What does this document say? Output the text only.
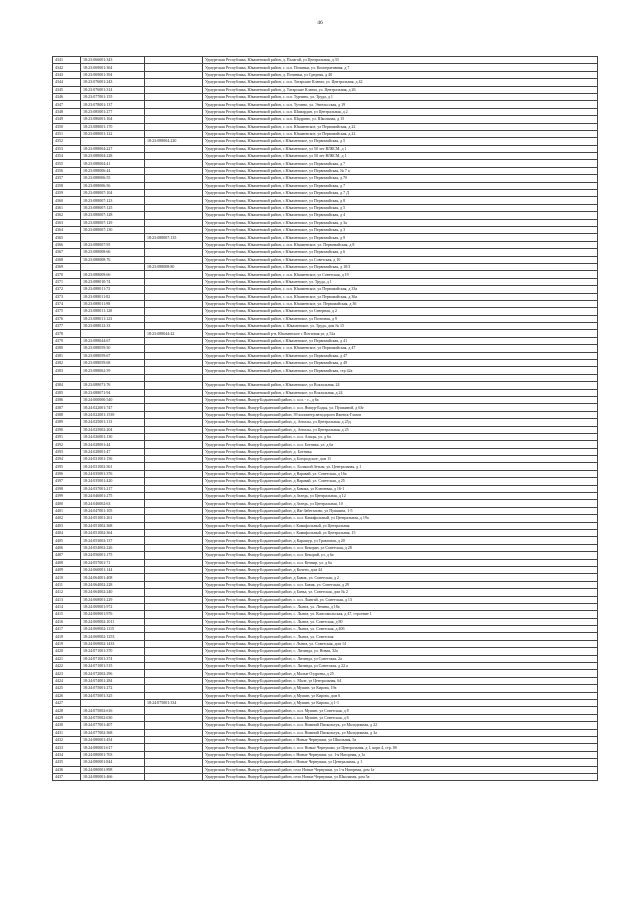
46
4341	18:23:066001:343		Удмуртская Республика, Юкаменский район, д. Палагай, ул Центральная, д 33
4342	18:23:069001:364		Удмуртская Республика, Юкаменский район, с. и.п. Починки, ул. Кооперативная, д 7
4343	18:23:069001:394		Удмуртская Республика, Юкаменский район, д. Починки, ул Средняя, д 40
4344	18:23:076001:243		Удмуртская Республика, Юкаменский район, с. и.п. Татарские Ключи, ул. Центральная, д 42
4345	18:23:076001:314		Удмуртская Республика, Юкаменский район, д. Татарские Ключи, ул. Центральная, д 26
4346	18:23:077001:155		Удмуртская Республика, Юкаменский район, с. и.п. Турчино, ул. Труда, д 1
4347	18:23:078001:137		Удмуртская Республика, Юкаменский район, с. и.п. Тутаево, ул. Энгельсская, д 19
4348	18:23:085001:277		Удмуртская Республика, Юкаменский район, с. и.п. Шамардан, ул Центральная, д 2
4349	18:23:086001:164		Удмуртская Республика, Юкаменский район, с. и.п. Шадрино, ул. Школьная, д 15
4350	18:23:088001:170		Удмуртская Республика, Юкаменский район, с. и.п. Юкаменское, ул Первомайская, д 22
4351	18:23:088001:122		Удмуртская Республика, Юкаменский район, с. и.п. Юкаменское, ул Первомайская, д 22
4352		18:23:088004:220	Удмуртская Республика, Юкаменский район, с Юкаменское, ул Первомайская, д 5
4353	18:23:088004:227		Удмуртская Республика, Юкаменский район, с Юкаменское, ул 50 лет ВЛКСМ, д 1
4354	18:23:088004:228		Удмуртская Республика, Юкаменский район, с Юкаменское, ул 50 лет ВЛКСМ, д 1
4355	18:23:088004:41		Удмуртская Республика, Юкаменский район, с Юкаменское, ул Первомайская, д 7
4356	18:23:088006:44		Удмуртская Республика, Юкаменский район, с Юкаменское, ул Первомайская, № 7 а
4357	18:23:088006:55		Удмуртская Республика, Юкаменский район, с Юкаменское, ул Первомайская, д 7б
4358	18:23:088006:56		Удмуртская Республика, Юкаменский район, с Юкаменское, ул Первомайская, д 7
4359	18:23:088007:104		Удмуртская Республика, Юкаменский район, с Юкаменское, ул Первомайская, д 7 Д
4360	18:23:088007:123		Удмуртская Республика, Юкаменский район, с Юкаменское, ул Первомайская, д 8
4361	18:23:088007:125		Удмуртская Республика, Юкаменский район, с Юкаменское, ул Первомайская, д 5
4362	18:23:088007:128		Удмуртская Республика, Юкаменский район, с Юкаменское, ул Первомайская, д 4
4363	18:23:088007:129		Удмуртская Республика, Юкаменский район, с Юкаменское, ул Первомайская, д 3а
4364	18:23:088007:130		Удмуртская Республика, Юкаменский район, с Юкаменское, ул Первомайская, д 3
4365		18:23:088007:135	Удмуртская Республика, Юкаменский район, с Юкаменское, ул Первомайская, д 8
4366	18:23:088007:95		Удмуртская Республика, Юкаменский район, с. и.п. Юкаменское, ул. Первомайская, д 8
4367	18:23:088008:66		Удмуртская Республика, Юкаменский район, с Юкаменское, ул Первомайская, д 6
4368	18:23:088008:76		Удмуртская Республика, Юкаменский район, с Юкаменское, ул Советская, д 10
4369		18:23:088008:80	Удмуртская Республика, Юкаменский район, с Юкаменское, ул Первомайская, д 10/3
4370	18:23:088009:66		Удмуртская Республика, Юкаменский район, с. и.п. Юкаменское, ул Советская, д 19
4371	18:23:088010:74		Удмуртская Республика, Юкаменский район, с Юкаменское, ул. Труда, д 1
4372	18:23:088011:73		Удмуртская Республика, Юкаменский район, с. и.п. Юкаменское, ул Первомайская, д 33а
4373	18:23:088011:82		Удмуртская Республика, Юкаменский район, с. и.п. Юкаменское, ул Первомайская, д 36а
4374	18:23:088011:98		Удмуртская Республика, Юкаменский район, с. и.п. Юкаменское, ул. Первомайская, д 36
4375	18:23:088011:120		Удмуртская Республика, Юкаменский район, с Юкаменское, ул Северная, д 2
4376	18:23:088011:123		Удмуртская Республика, Юкаменский район, с Юкаменское, ул Почтовая, д 9
4377	18:23:088012:33		Удмуртская Республика, Юкаменский район, с. Юкаменское, ул. Труда, дом № 15
4378		18:23:088044:42	Удмуртская Республика, Юкаменский р-н, Юкаменское с Почтовая ул, д 52а
4379	18:23:088044:67		Удмуртская Республика, Юкаменский район, с Юкаменское, ул Первомайская, д 41
4380	18:23:088059:50		Удмуртская Республика, Юкаменский район, с. и.п. Юкаменское, ул Первомайская, д 47
4381	18:23:088059:67		Удмуртская Республика, Юкаменский район, с Юкаменское, ул Первомайская, д 47
4382	18:23:088059:68		Удмуртская Республика, Юкаменский район, с Юкаменское, ул Первомайская, д 49
4383	18:23:088062:59		Удмуртская Республика, Юкаменский район, с Юкаменское, ул Первомайская, стр 42а

4384	18:23:088071:76		Удмуртская Республика, Юкаменский район, с Юкаменское, ул Вокзальная, 24
4385	18:23:088071:94		Удмуртская Республика, Юкаменский район, с Юкаменское, ул Вокзальная, д 24
4386	18:24:000000:540		Удмуртская Республика, Ямпур-Бодьинский район, с. и.п. - с., д 6а
4387	18:24:022001:747		Удмуртская Республика, Ямпур-Бодьинский район, с. и.п. Ямпур-Бодья, ул. Пушкиной, д 63г
4388	18:24:022001:1539		Удмуртская Республика, Ямпур-Бодьинский район, 39 километр автодороги Ижевск-Глазов
4389	18:24:025001:113		Удмуртская Республика, Ямпур-Бодьинский район, д. Ангалы, ул Центральная, д 25д
4390	18:24:025002:204		Удмуртская Республика, Ямпур-Бодьинский район, д. Ангалы, ул Центральная, д 25
4391	18:24:026001:130		Удмуртская Республика, Ямпур-Бодьинский район, с. и.п. Альцы, ул. д 6а
4392	18:24:028001:44		Удмуртская Республика, Ямпур-Бодьинский район, с. и.п. Ботника, ул. д 6а
4393	18:24:028001:47		Удмуртская Республика, Ямпур-Бодьинский район, д. Ботника
4394	18:24:031001:156		Удмуртская Республика, Ямпур-Бодьинский район, д Богородское, дом 11
4395	18:24:031002:561		Удмуртская Республика, Ямпур-Бодьинский район, с. Большой Зетым, ул. Центральная, д 1
4396	18:24:035001:376		Удмуртская Республика, Ямпур-Бодьинский район, д Варавай, ул. Советская, д 16а
4397	18:24:035001:420		Удмуртская Республика, Ямпур-Бодьинский район, д Варавай, ул. Советская, д 25
4398	18:24:037001:217		Удмуртская Республика, Ямпур-Бодьинский район, д Бавика, ул Ключевая, д 16-1
4399	18:24:046001:275		Удмуртская Республика, Ямпур-Бодьинский район, д Зеледь, ул Центральная, д 12
4400	18:24:046002:63		Удмуртская Республика, Ямпур-Бодьинский район, д Зеледь, ул Центральная, 10
4401	18:24:047001:105		Удмуртская Республика, Ямпур-Бодьинский район, д Иж-Забегалово, ул Пушкина, 1-5
4402	18:24:051001:261		Удмуртская Республика, Ямпур-Бодьинский район, с. и.п. Камифольный, ул Центральная, д 19а
4403	18:24:051002:368		Удмуртская Республика, Ямпур-Бодьинский район, с Камифольный, ул Центральная
4404	18:24:051002:364		Удмуртская Республика, Ямпур-Бодьинский район, с Камифольный, ул Центральная, 15
4405	18:24:053002:137		Удмуртская Республика, Ямпур-Бодьинский район, д Карашур, ул Трактовая, д 20
4406	18:24:054002:226		Удмуртская Республика, Ямпур-Бодьинский район, с. и.п. Кекоран, ул Советская, д 28
4407	18:24:056001:175		Удмуртская Республика, Ямпур-Бодьинский район, с. и.п. Кекорий, ул. д 6а
4408	18:24:057001:71		Удмуртская Республика, Ямпур-Бодьинский район, с. и.п. Кечнир, ул. д 6а
4409	18:24:060001:144		Удмуртская Республика, Ямпур-Бодьинский район, д Кочеги, дом 44
4410	18:24:064001:408		Удмуртская Республика, Ямпур-Бодьинский район, д Бавик, ул. Советская, д 2
4411	18:24:064002:228		Удмуртская Республика, Ямпур-Бодьинский район, с. и.п. Бавик, ул. Советская, д 29
4412	18:24:064002:240		Удмуртская Республика, Ямпур-Бодьинский район, д Баньа, ул. Советская, дом № 2
4413	18:24:068001:229		Удмуртская Республика, Ямпур-Бодьинский район, с. и.п. Лынгай, ул. Советская, д 13
4414	18:24:069001:972		Удмуртская Республика, Ямпур-Бодьинский район, с. Лынга, ул. Ленина, д 18а
4415	18:24:069001:976		Удмуртская Республика, Ямпур-Бодьинский район, с. Лынга, ул. Комсомольская, д 47, строение 1
4416	18:24:069002:1011		Удмуртская Республика, Ямпур-Бодьинский район, с. Лынга, ул. Советская, д 80
4417	18:24:069002:1115		Удмуртская Республика, Ямпур-Бодьинский район, с. Лынга, ул. Советская, д 40б
4418	18:24:069002:1253		Удмуртская Республика, Ямпур-Бодьинский район, с. Лынга, ул. Советская
4419	18:24:069002:1433		Удмуртская Республика, Ямпур-Бодьинский район, с Лынга, ул. Советская, дом 14
4420	18:24:071001:370		Удмуртская Республика, Ямпур-Бодьинский район, с. Лизинда, ул. Новая, 32а
4421	18:24:071001:374		Удмуртская Республика, Ямпур-Бодьинский район, с. Лизинда, ул Советская, 2а
4422	18:24:071001:515		Удмуртская Республика, Ямпур-Бодьинский район, с. Лизинда, ул Советская, д 22 а
4423	18:24:072002:296		Удмуртская Республика, Ямпур-Бодьинский район, д Малые Оздроны, д 25
4424	18:24:074001:284		Удмуртская Республика, Ямпур-Бодьинский район, с. Мале, ул Центральная, 64
4425	18:24:075001:272		Удмуртская Республика, Ямпур-Бодьинский район, д Мушин, ул Кирова, 19а
4426	18:24:075001:325		Удмуртская Республика, Ямпур-Бодьинский район, д Мушин, ул Кирова, дом 6
4427		18:24:075001:334	Удмуртская Республика, Ямпур-Бодьинский район, д Мушин, ул Кирова, д 1-1
4428	18:24:075002:616		Удмуртская Республика, Ямпур-Бодьинский район, с. и.п. Мушин, ул Советская, д 8
4429	18:24:075002:630		Удмуртская Республика, Ямпур-Бодьинский район, с. и.п. Мушин, ул Советская, д 6
4430	18:24:077001:407		Удмуртская Республика, Ямпур-Бодьинский район, с. и.п. Нижний Пискольтук, ул Молодежная, д 22
4431	18:24:077002:368		Удмуртская Республика, Ямпур-Бодьинский район, с. и.п. Нижний Пискольтук, ул Молодежная, д 3а
4432	18:24:080001:454		Удмуртская Республика, Ямпур-Бодьинский район, с Новые Чернушки, ул Школьная, 5а
4433	18:24:080001:617		Удмуртская Республика, Ямпур-Бодьинский район, с. и.п. Новые Чернушки, ул Центральная, д 1, корп 4, стр. 8б
4434	18:24:080001:703		Удмуртская Республика, Ямпур-Бодьинский район, с Новые Чернушки, ул. 1-я Нагорная, д 1а
4435	18:24:080001:844		Удмуртская Республика, Ямпур-Бодьинский район, с Новые Чернушки, ул Центральная, д 1
4436	18:24:080001:898		Удмуртская Республика, Ямпур-Бодьинский район, село Новые Чернушки, ул 1-я Нагорная, дом 1а
4437	18:24:080001:466		Удмуртская Республика, Ямпур-Бодьинский район, село Новые Чернушки, ул Школьная, дом 5а
